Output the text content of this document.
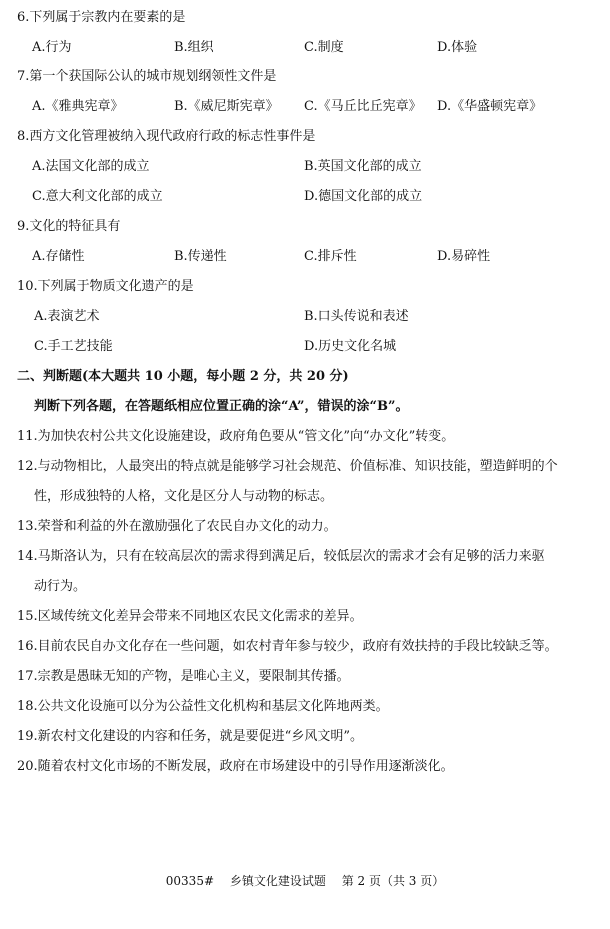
6.下列属于宗教内在要素的是
A.行为	B.组织	C.制度	D.体验
7.第一个获国际公认的城市规划纲领性文件是
A.《雅典宪章》	B.《威尼斯宪章》 C.《马丘比丘宪章》 D.《华盛顿宪章》
8.西方文化管理被纳入现代政府行政的标志性事件是
A.法国文化部的成立	B.英国文化部的成立
C.意大利文化部的成立	D.德国文化部的成立
9.文化的特征具有
A.存储性	B.传递性	C.排斥性	D.易碎性
10.下列属于物质文化遗产的是
A.表演艺术	B.口头传说和表述
C.手工艺技能	D.历史文化名城
二、判断题(本大题共 10 小题，每小题 2 分，共 20 分)
判断下列各题，在答题纸相应位置正确的涂“A”，错误的涂“B”。
11.为加快农村公共文化设施建设，政府角色要从“管文化”向“办文化”转变。
12.与动物相比，人最突出的特点就是能够学习社会规范、价值标准、知识技能，塑造鲜明的个
性，形成独特的人格，文化是区分人与动物的标志。
13.荣誉和利益的外在激励强化了农民自办文化的动力。
14.马斯洛认为，只有在较高层次的需求得到满足后，较低层次的需求才会有足够的活力来驱
动行为。
15.区域传统文化差异会带来不同地区农民文化需求的差异。
16.目前农民自办文化存在一些问题，如农村青年参与较少，政府有效扶持的手段比较缺乏等。
17.宗教是愚昧无知的产物，是唯心主义，要限制其传播。
18.公共文化设施可以分为公益性文化机构和基层文化阵地两类。
19.新农村文化建设的内容和任务，就是要促进“乡风文明”。
20.随着农村文化市场的不断发展，政府在市场建设中的引导作用逐渐淡化。
00335# 乡镇文化建设试题 第 2 页（共 3 页）
